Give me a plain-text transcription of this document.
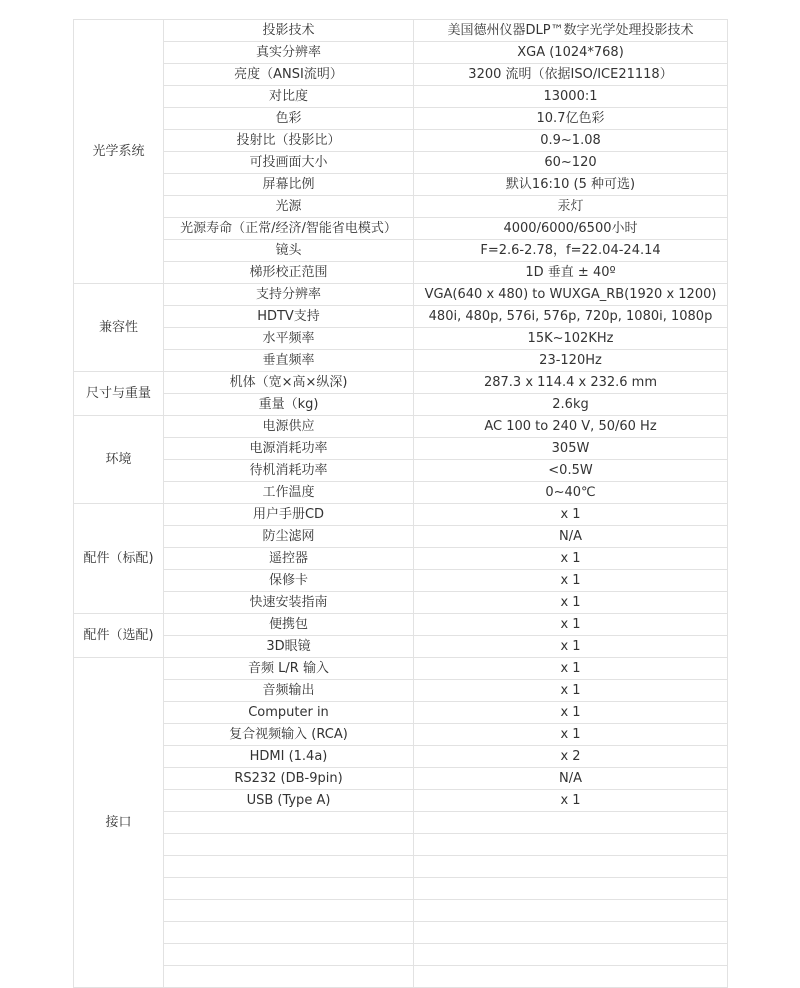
光学系统	投影技术	美国德州仪器DLP™数字光学处理投影技术
	真实分辨率	XGA (1024*768)
	亮度（ANSI流明）	3200 流明（依据ISO/ICE21118）
	对比度	13000:1
	色彩	10.7亿色彩
	投射比（投影比）	0.9~1.08
	可投画面大小	60~120
	屏幕比例	默认16:10 (5 种可选)
	光源	汞灯
	光源寿命（正常/经济/智能省电模式）	4000/6000/6500小时
	镜头	F=2.6-2.78，f=22.04-24.14
	梯形校正范围	1D 垂直 ± 40º
兼容性	支持分辨率	VGA(640 x 480) to WUXGA_RB(1920 x 1200)
	HDTV支持	480i, 480p, 576i, 576p, 720p, 1080i, 1080p
	水平频率	15K~102KHz
	垂直频率	23-120Hz
尺寸与重量	机体（宽×高×纵深)	287.3 x 114.4 x 232.6 mm
	重量（kg)	2.6kg
环境	电源供应	AC 100 to 240 V, 50/60 Hz
	电源消耗功率	305W
	待机消耗功率	<0.5W
	工作温度	0~40℃
配件（标配)	用户手册CD	x 1
	防尘滤网	N/A
	遥控器	x 1
	保修卡	x 1
	快速安装指南	x 1
配件（选配)	便携包	x 1
	3D眼镜	x 1
接口	音频 L/R 输入	x 1
	音频输出	x 1
	Computer in	x 1
	复合视频输入 (RCA)	x 1
	HDMI (1.4a)	x 2
	RS232 (DB-9pin)	N/A
	USB (Type A)	x 1
